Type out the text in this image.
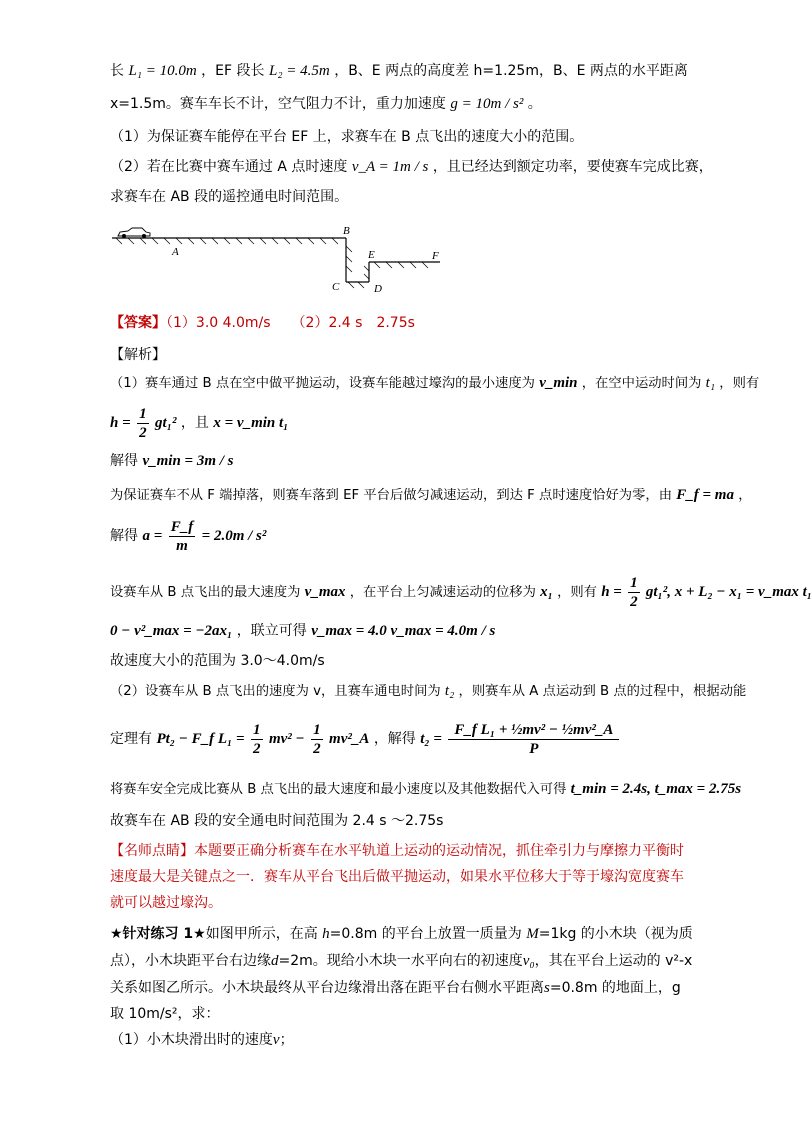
长 L₁ = 10.0m ，EF 段长 L₂ = 4.5m ，B、E 两点的高度差 h=1.25m，B、E 两点的水平距离
x=1.5m。赛车车长不计，空气阻力不计，重力加速度 g = 10m / s² 。
（1）为保证赛车能停在平台 EF 上，求赛车在 B 点飞出的速度大小的范围。
（2）若在比赛中赛车通过 A 点时速度 v_A = 1m / s ，且已经达到额定功率，要使赛车完成比赛，
求赛车在 AB 段的遥控通电时间范围。
A
B
C	D
E	F
【答案】（1）3.0 4.0m/s　　（2）2.4 s　2.75s
【解析】
（1）赛车通过 B 点在空中做平抛运动，设赛车能越过壕沟的最小速度为 v_min ，在空中运动时间为 t₁ ，则有
$h = \frac{1}{2} gt_1^2$ ，且 x = v_min t₁
解得 v_min = 3m / s
为保证赛车不从 F 端掉落，则赛车落到 EF 平台后做匀减速运动，到达 F 点时速度恰好为零，由 F_f = ma ，
解得 $a = \frac{F\_f}{m} = 2.0m / s^2$
设赛车从 B 点飞出的最大速度为 v_max ，在平台上匀减速运动的位移为 x₁ ，则有 $h = \frac{1}{2} gt_1^2$, x + L₂ − x₁ = v_max t₁
0 − v²_max = −2ax₁ ，联立可得 v_max = 4.0 v_max = 4.0m / s
故速度大小的范围为 3.0～4.0m/s
（2）设赛车从 B 点飞出的速度为 v，且赛车通电时间为 t₂ ，则赛车从 A 点运动到 B 点的过程中，根据动能
定理有 Pt₂ − F_f $L_1 = \frac{1}{2} mv^2 - \frac{1}{2}$ mv²_A ，解得 $t_2 = \frac{\text{F\_f L₁ + ½mv² − ½mv²\_A}}{P}$
将赛车安全完成比赛从 B 点飞出的最大速度和最小速度以及其他数据代入可得 t_min = 2.4s, t_max = 2.75s
故赛车在 AB 段的安全通电时间范围为 2.4 s ～2.75s
【名师点睛】本题要正确分析赛车在水平轨道上运动的运动情况，抓住牵引力与摩擦力平衡时
速度最大是关键点之一．赛车从平台飞出后做平抛运动，如果水平位移大于等于壕沟宽度赛车
就可以越过壕沟。
★针对练习 1★如图甲所示，在高 h=0.8m 的平台上放置一质量为 M=1kg 的小木块（视为质
点），小木块距平台右边缘d=2m。现给小木块一水平向右的初速度v₀，其在平台上运动的 v²-x
关系如图乙所示。小木块最终从平台边缘滑出落在距平台右侧水平距离s=0.8m 的地面上，g
取 10m/s²，求：
（1）小木块滑出时的速度v；
